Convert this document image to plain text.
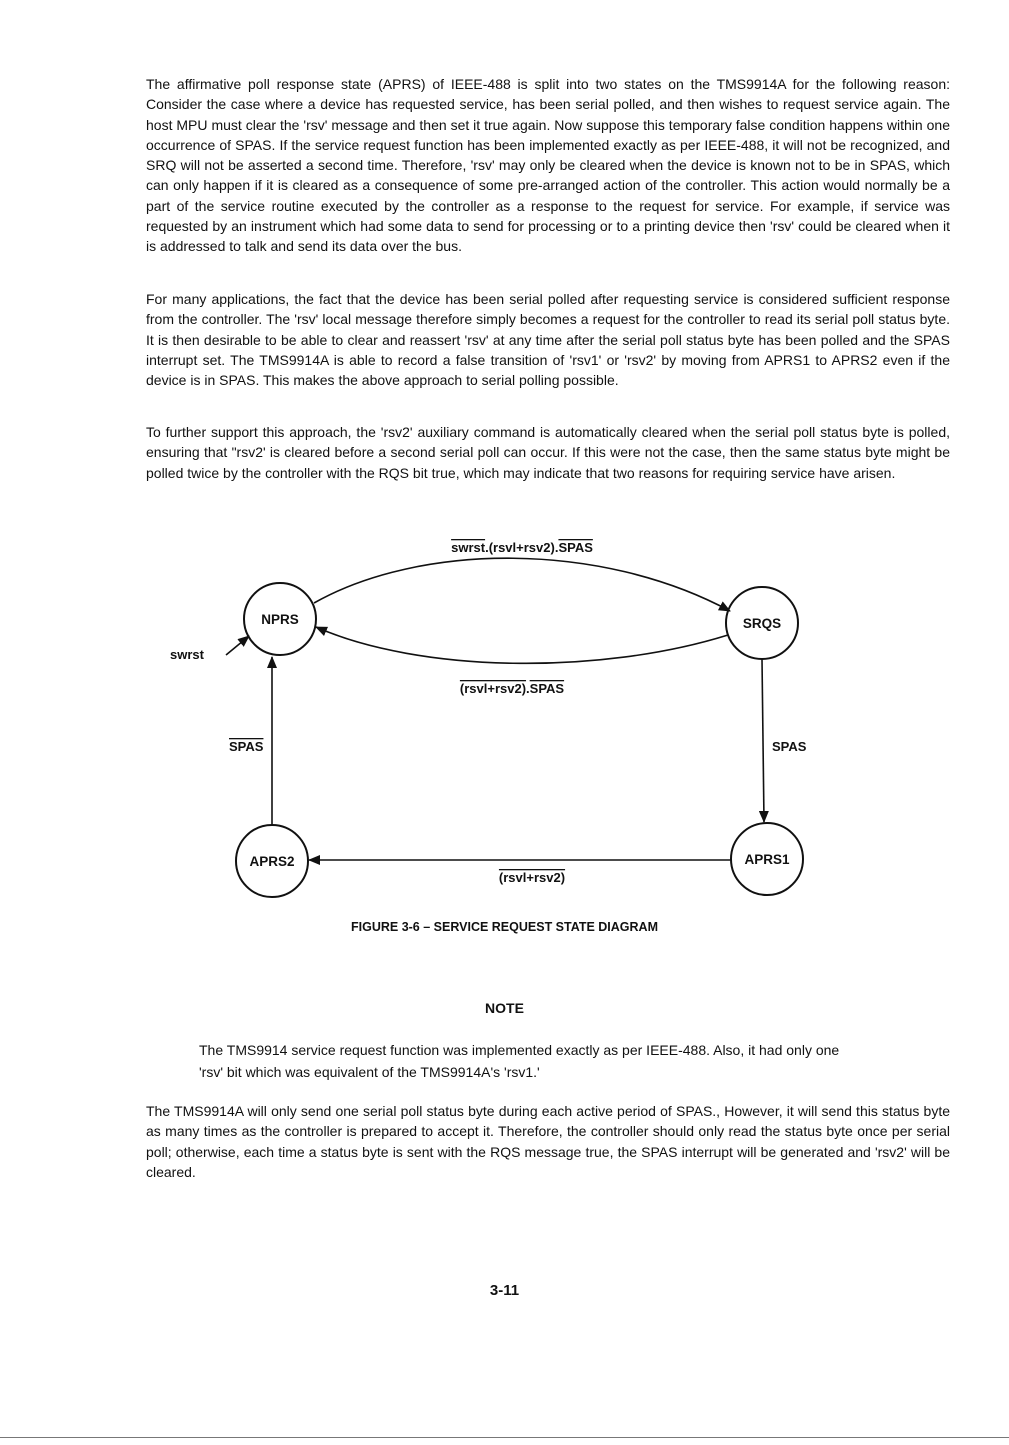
The affirmative poll response state (APRS) of IEEE-488 is split into two states on the TMS9914A for the following reason: Consider the case where a device has requested service, has been serial polled, and then wishes to request service again. The host MPU must clear the 'rsv' message and then set it true again. Now suppose this temporary false condition happens within one occurrence of SPAS. If the service request function has been implemented exactly as per IEEE-488, it will not be recognized, and SRQ will not be asserted a second time. Therefore, 'rsv' may only be cleared when the device is known not to be in SPAS, which can only happen if it is cleared as a consequence of some pre-arranged action of the controller. This action would normally be a part of the service routine executed by the controller as a response to the request for service. For example, if service was requested by an instrument which had some data to send for processing or to a printing device then 'rsv' could be cleared when it is addressed to talk and send its data over the bus.

For many applications, the fact that the device has been serial polled after requesting service is considered sufficient response from the controller. The 'rsv' local message therefore simply becomes a request for the controller to read its serial poll status byte. It is then desirable to be able to clear and reassert 'rsv' at any time after the serial poll status byte has been polled and the SPAS interrupt set. The TMS9914A is able to record a false transition of 'rsv1' or 'rsv2' by moving from APRS1 to APRS2 even if the device is in SPAS. This makes the above approach to serial polling possible.

To further support this approach, the 'rsv2' auxiliary command is automatically cleared when the serial poll status byte is polled, ensuring that "rsv2' is cleared before a second serial poll can occur. If this were not the case, then the same status byte might be polled twice by the controller with the RQS bit true, which may indicate that two reasons for requiring service have arisen.

NPRS	SRQS
APRS2	APRS1
swrst.(rsvl+rsv2).SPAS
(rsvl+rsv2).SPAS
SPAS
(rsvl+rsv2)
SPAS
swrst

FIGURE 3-6 – SERVICE REQUEST STATE DIAGRAM

NOTE

The TMS9914 service request function was implemented exactly as per IEEE-488. Also, it had only one 'rsv' bit which was equivalent of the TMS9914A's 'rsv1.'

The TMS9914A will only send one serial poll status byte during each active period of SPAS., However, it will send this status byte as many times as the controller is prepared to accept it. Therefore, the controller should only read the status byte once per serial poll; otherwise, each time a status byte is sent with the RQS message true, the SPAS interrupt will be generated and 'rsv2' will be cleared.

3-11
